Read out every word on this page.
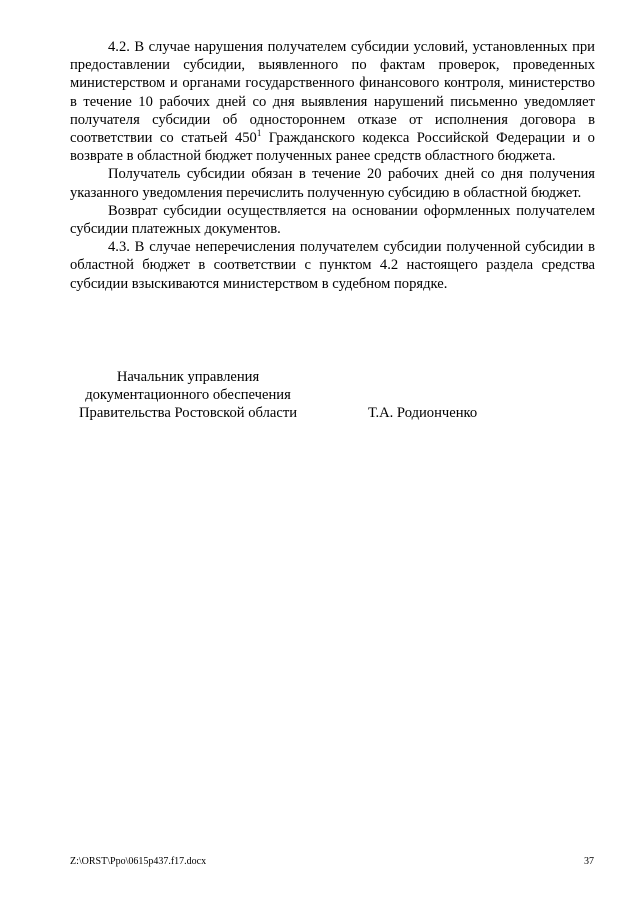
4.2. В случае нарушения получателем субсидии условий, установленных при предоставлении субсидии, выявленного по фактам проверок, проведенных министерством и органами государственного финансового контроля, министерство в течение 10 рабочих дней со дня выявления нарушений письменно уведомляет получателя субсидии об одностороннем отказе от исполнения договора в соответствии со статьей $450^1$ Гражданского кодекса Российской Федерации и о возврате в областной бюджет полученных ранее средств областного бюджета.

Получатель субсидии обязан в течение 20 рабочих дней со дня получения указанного уведомления перечислить полученную субсидию в областной бюджет.

Возврат субсидии осуществляется на основании оформленных получателем субсидии платежных документов.

4.3. В случае неперечисления получателем субсидии полученной субсидии в областной бюджет в соответствии с пунктом 4.2 настоящего раздела средства субсидии взыскиваются министерством в судебном порядке.

Начальник управления
документационного обеспечения
Правительства Ростовской области	Т.А. Родионченко
Z:\ORST\Ppo\0615p437.f17.docx	37
